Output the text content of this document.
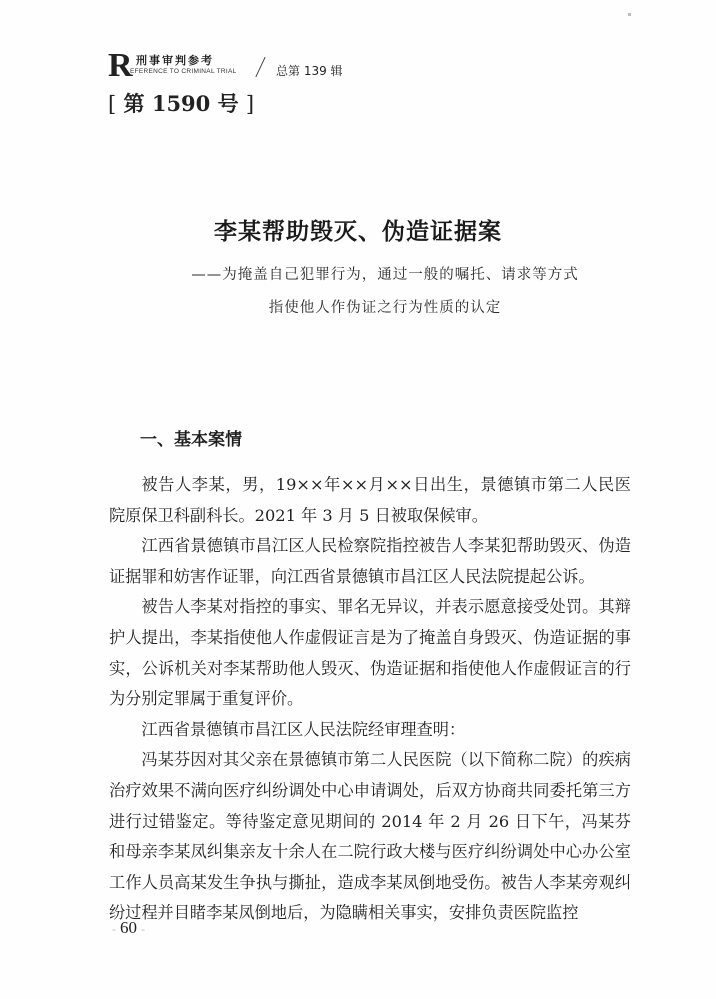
R 刑事审判参考
EFERENCE TO CRIMINAL TRIAL	总第 139 辑
[ 第 1590 号 ]
李某帮助毁灭、伪造证据案
——为掩盖自己犯罪行为，通过一般的嘱托、请求等方式
指使他人作伪证之行为性质的认定
一、基本案情

被告人李某，男，19××年××月××日出生，景德镇市第二人民医院原保卫科副科长。2021 年 3 月 5 日被取保候审。

江西省景德镇市昌江区人民检察院指控被告人李某犯帮助毁灭、伪造证据罪和妨害作证罪，向江西省景德镇市昌江区人民法院提起公诉。

被告人李某对指控的事实、罪名无异议，并表示愿意接受处罚。其辩护人提出，李某指使他人作虚假证言是为了掩盖自身毁灭、伪造证据的事实，公诉机关对李某帮助他人毁灭、伪造证据和指使他人作虚假证言的行为分别定罪属于重复评价。

江西省景德镇市昌江区人民法院经审理查明：

冯某芬因对其父亲在景德镇市第二人民医院（以下简称二院）的疾病治疗效果不满向医疗纠纷调处中心申请调处，后双方协商共同委托第三方进行过错鉴定。等待鉴定意见期间的 2014 年 2 月 26 日下午，冯某芬和母亲李某凤纠集亲友十余人在二院行政大楼与医疗纠纷调处中心办公室工作人员高某发生争执与撕扯，造成李某凤倒地受伤。被告人李某旁观纠纷过程并目睹李某凤倒地后，为隐瞒相关事实，安排负责医院监控

- 60 -
